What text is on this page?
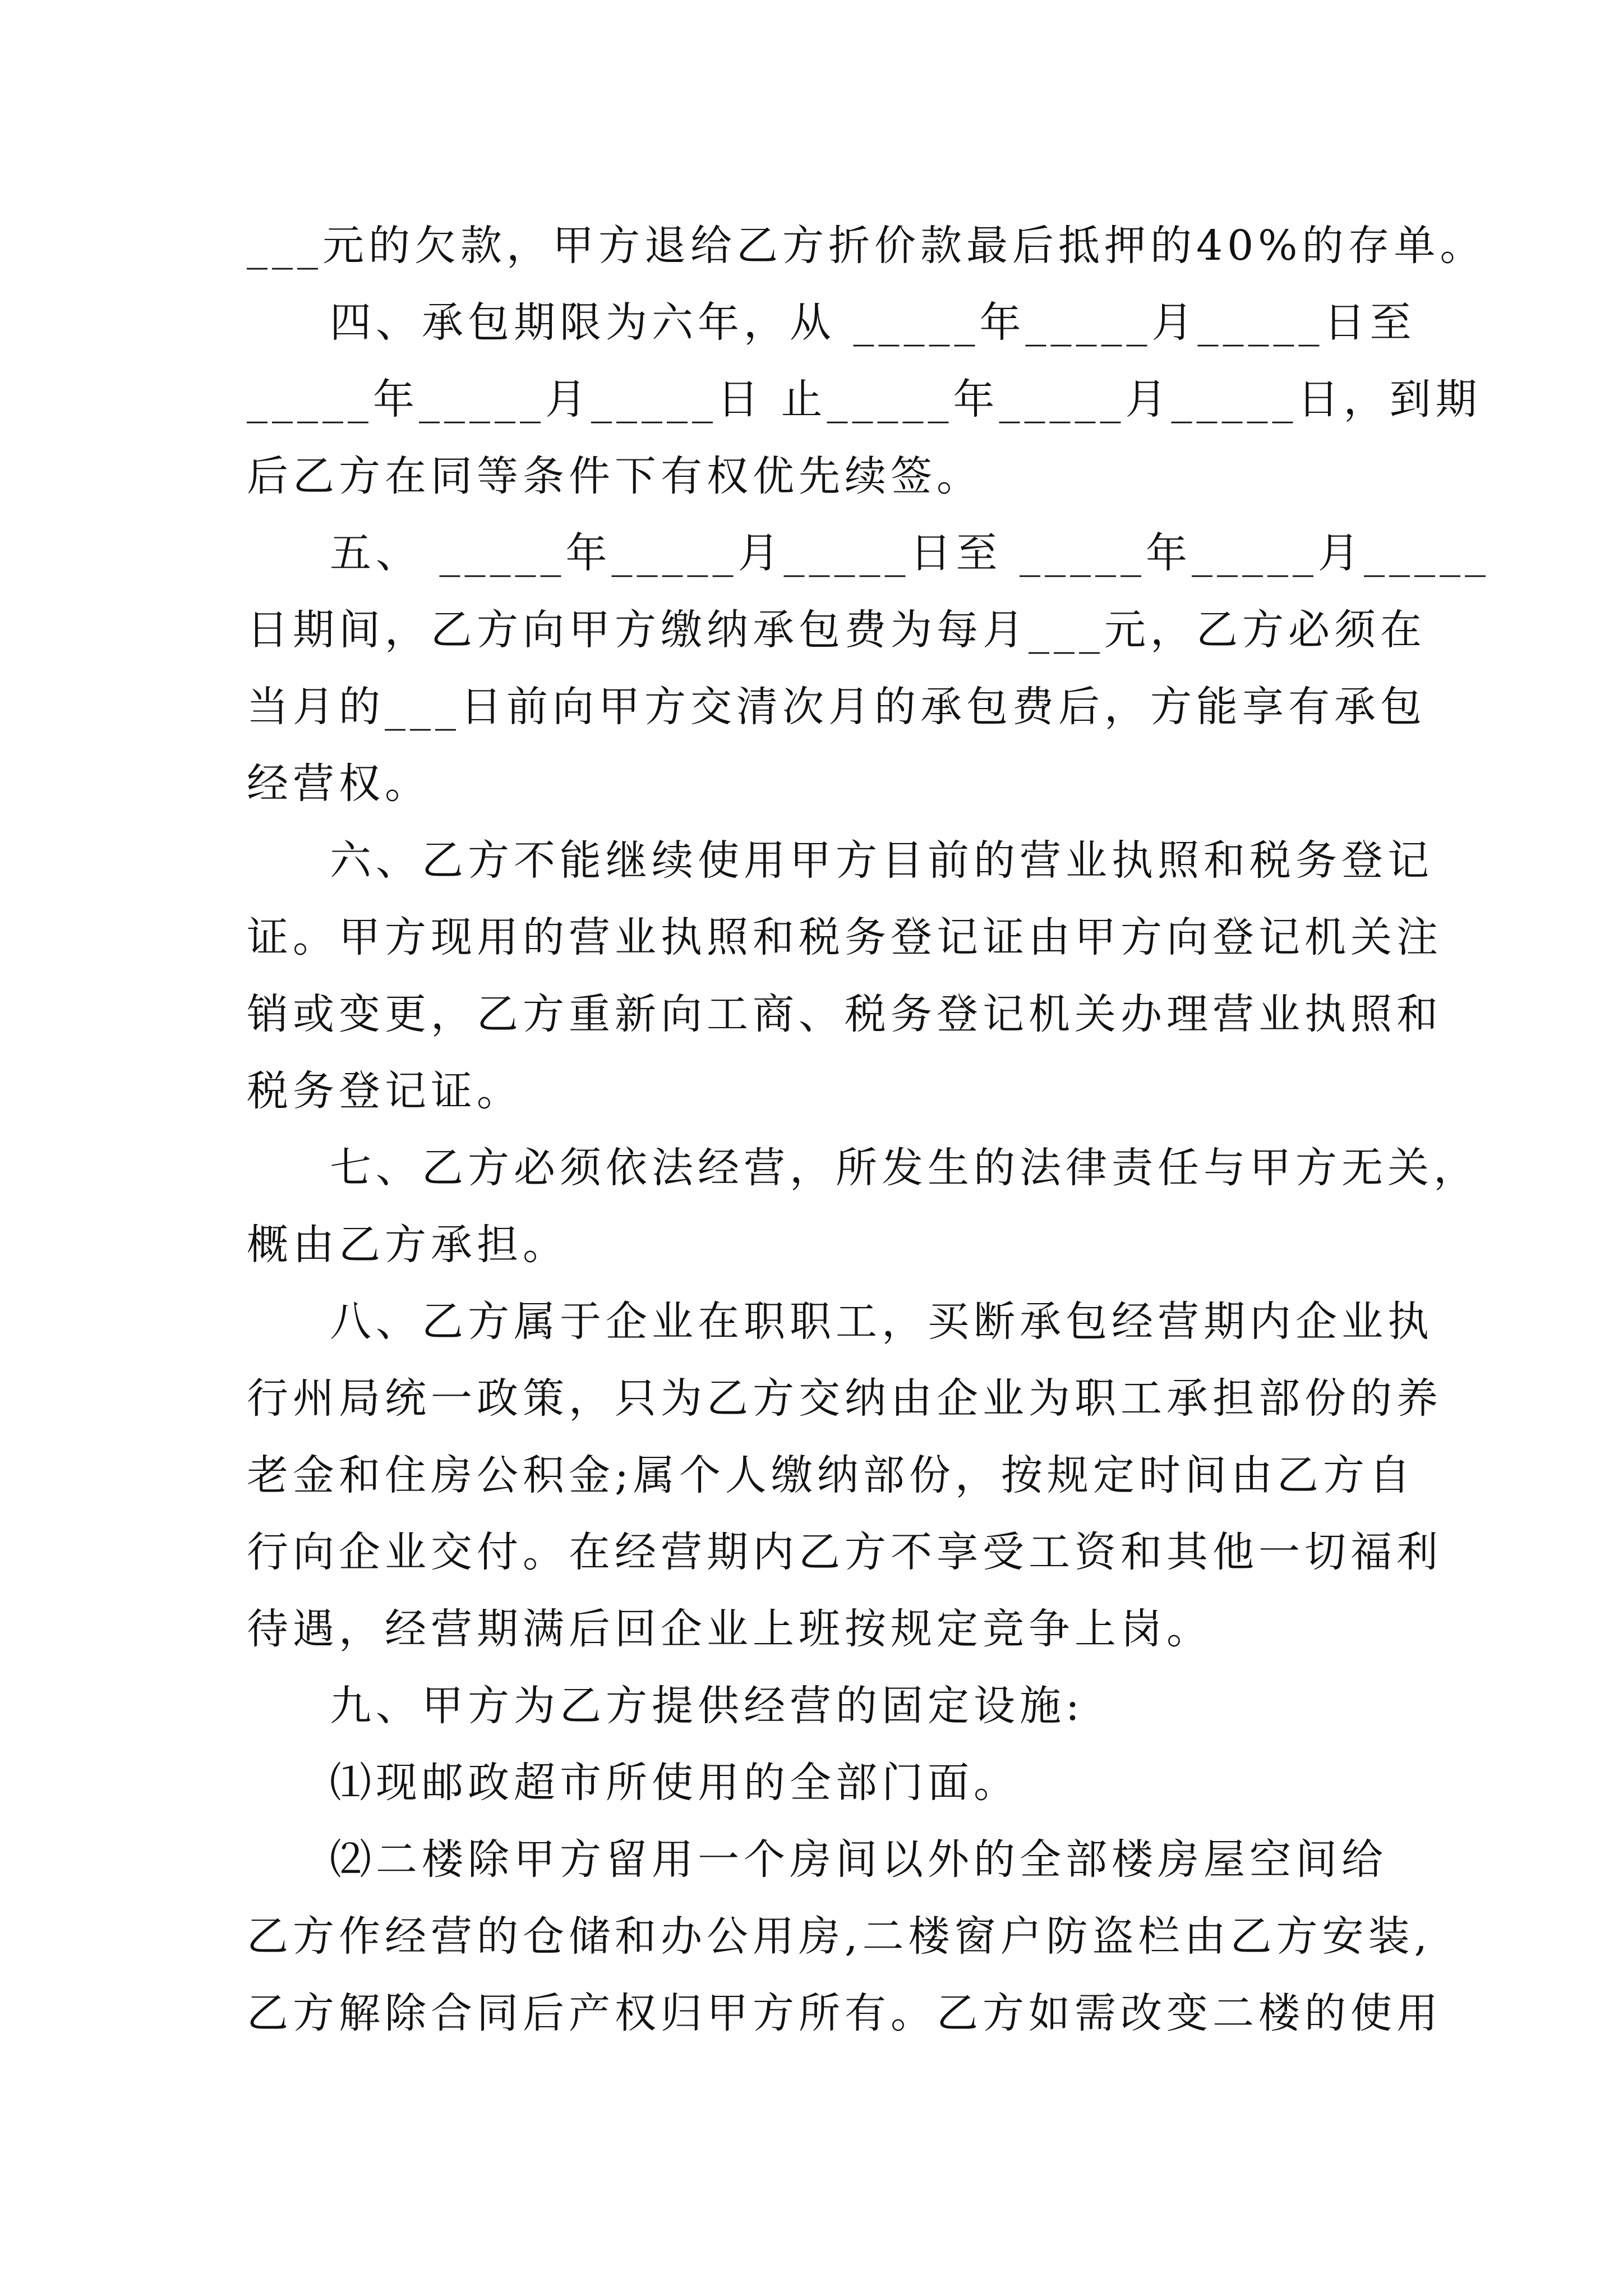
___元的欠款，甲方退给乙方折价款最后抵押的40%的存单。
四、承包期限为六年，从 _____年_____月_____日至
_____年_____月_____日 止_____年_____月_____日，到期
后乙方在同等条件下有权优先续签。
五、 _____年_____月_____日至 _____年_____月_____
日期间，乙方向甲方缴纳承包费为每月___元，乙方必须在
当月的___日前向甲方交清次月的承包费后，方能享有承包
经营权。
六、乙方不能继续使用甲方目前的营业执照和税务登记
证。甲方现用的营业执照和税务登记证由甲方向登记机关注
销或变更，乙方重新向工商、税务登记机关办理营业执照和
税务登记证。
七、乙方必须依法经营，所发生的法律责任与甲方无关，
概由乙方承担。
八、乙方属于企业在职职工，买断承包经营期内企业执
行州局统一政策，只为乙方交纳由企业为职工承担部份的养
老金和住房公积金;属个人缴纳部份，按规定时间由乙方自
行向企业交付。在经营期内乙方不享受工资和其他一切福利
待遇，经营期满后回企业上班按规定竞争上岗。
九、甲方为乙方提供经营的固定设施:
⑴现邮政超市所使用的全部门面。
⑵二楼除甲方留用一个房间以外的全部楼房屋空间给
乙方作经营的仓储和办公用房,二楼窗户防盗栏由乙方安装,
乙方解除合同后产权归甲方所有。乙方如需改变二楼的使用
